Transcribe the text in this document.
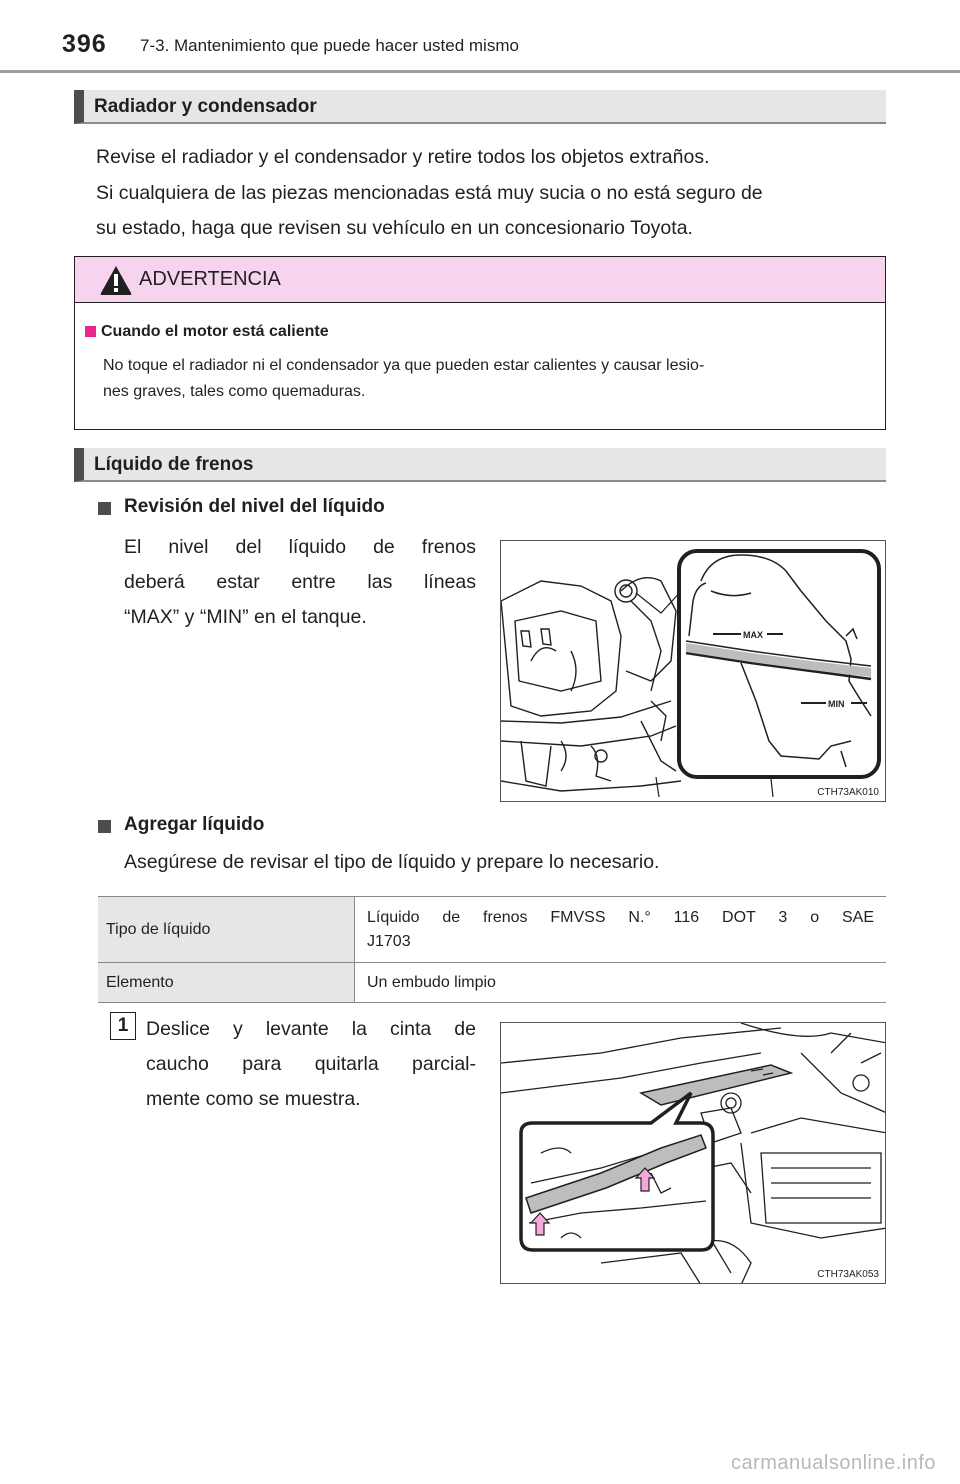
396 7-3. Mantenimiento que puede hacer usted mismo
Radiador y condensador
Revise el radiador y el condensador y retire todos los objetos extraños.
Si cualquiera de las piezas mencionadas está muy sucia o no está seguro de
su estado, haga que revisen su vehículo en un concesionario Toyota.
ADVERTENCIA
Cuando el motor está caliente
No toque el radiador ni el condensador ya que pueden estar calientes y causar lesio-
nes graves, tales como quemaduras.
Líquido de frenos
Revisión del nivel del líquido
El nivel del líquido de frenos
deberá estar entre las líneas
“MAX” y “MIN” en el tanque.
MAX
MIN
CTH73AK010
Agregar líquido
Asegúrese de revisar el tipo de líquido y prepare lo necesario.
Tipo de líquido	Líquido de frenos FMVSS N.° 116 DOT 3 o SAE
J1703

Elemento	Un embudo limpio
1 Deslice y levante la cinta de
caucho para quitarla parcial-
mente como se muestra.
CTH73AK053
carmanualsonline.info
